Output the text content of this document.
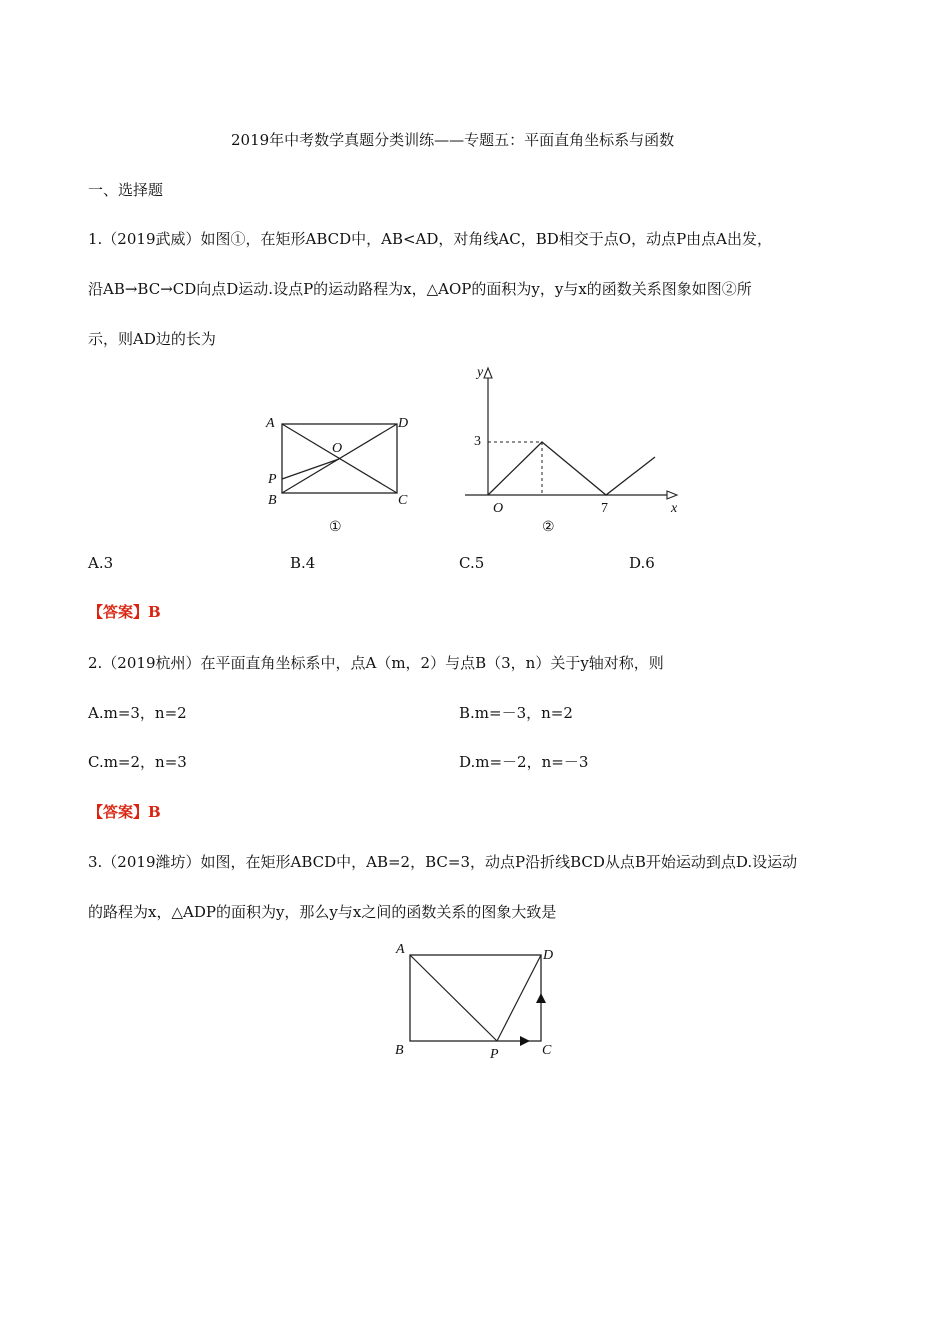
2019年中考数学真题分类训练——专题五：平面直角坐标系与函数
一、选择题
1.（2019武威）如图①，在矩形ABCD中，AB<AD，对角线AC，BD相交于点O，动点P由点A出发，
沿AB→BC→CD向点D运动.设点P的运动路程为x，△AOP的面积为y，y与x的函数关系图象如图②所
示，则AD边的长为
A	D
O
P
B	C
①
y
3
O	7	x
②
A.3	B.4	C.5	D.6
【答案】B
2.（2019杭州）在平面直角坐标系中，点A（m，2）与点B（3，n）关于y轴对称，则
A.m=3，n=2	B.m=－3，n=2
C.m=2，n=3	D.m=－2，n=－3
【答案】B
3.（2019潍坊）如图，在矩形ABCD中，AB=2，BC=3，动点P沿折线BCD从点B开始运动到点D.设运动
的路程为x，△ADP的面积为y，那么y与x之间的函数关系的图象大致是
A	D
B	P	C
